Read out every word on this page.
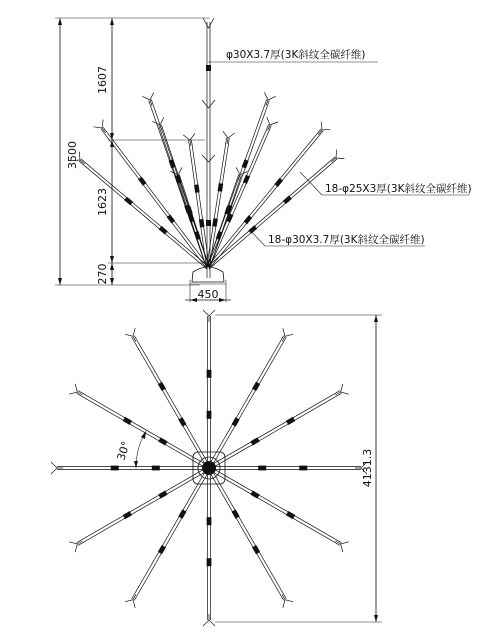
3500
1607
1623
270
450
φ30X3.7厚(3K斜纹全碳纤维)
18-φ25X3厚(3K斜纹全碳纤维)
18-φ30X3.7厚(3K斜纹全碳纤维)
4131.3
30°
